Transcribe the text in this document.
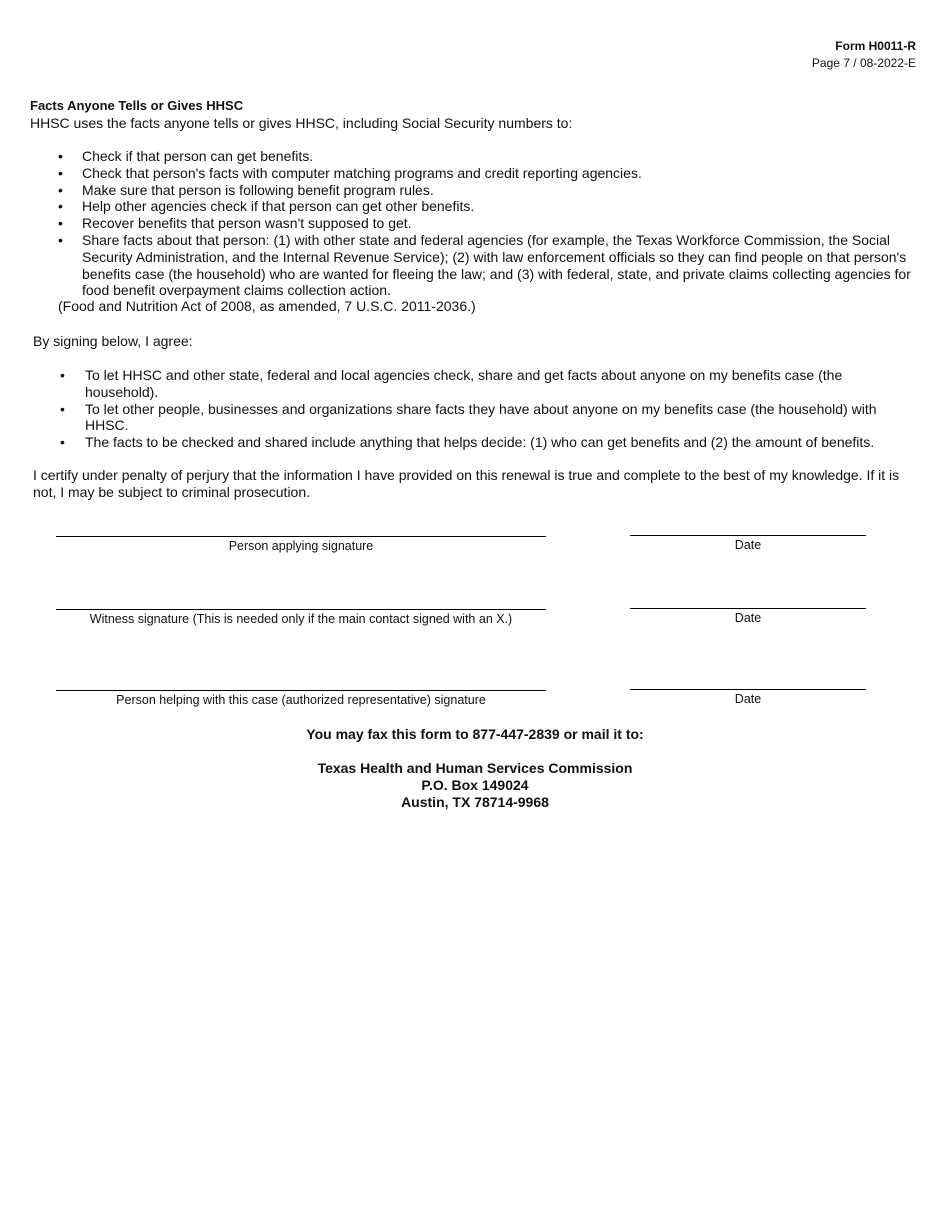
Form H0011-R
Page 7 / 08-2022-E
Facts Anyone Tells or Gives HHSC
HHSC uses the facts anyone tells or gives HHSC, including Social Security numbers to:
• Check if that person can get benefits.
• Check that person's facts with computer matching programs and credit reporting agencies.
• Make sure that person is following benefit program rules.
• Help other agencies check if that person can get other benefits.
• Recover benefits that person wasn't supposed to get.
• Share facts about that person: (1) with other state and federal agencies (for example, the Texas Workforce Commission, the Social Security Administration, and the Internal Revenue Service); (2) with law enforcement officials so they can find people on that person's benefits case (the household) who are wanted for fleeing the law; and (3) with federal, state, and private claims collecting agencies for food benefit overpayment claims collection action.
(Food and Nutrition Act of 2008, as amended, 7 U.S.C. 2011-2036.)
By signing below, I agree:
• To let HHSC and other state, federal and local agencies check, share and get facts about anyone on my benefits case (the household).
• To let other people, businesses and organizations share facts they have about anyone on my benefits case (the household) with HHSC.
• The facts to be checked and shared include anything that helps decide: (1) who can get benefits and (2) the amount of benefits.
I certify under penalty of perjury that the information I have provided on this renewal is true and complete to the best of my knowledge. If it is not, I may be subject to criminal prosecution.
Person applying signature	Date
Witness signature (This is needed only if the main contact signed with an X.)	Date
Person helping with this case (authorized representative) signature	Date
You may fax this form to 877-447-2839 or mail it to:
Texas Health and Human Services Commission
P.O. Box 149024
Austin, TX 78714-9968
